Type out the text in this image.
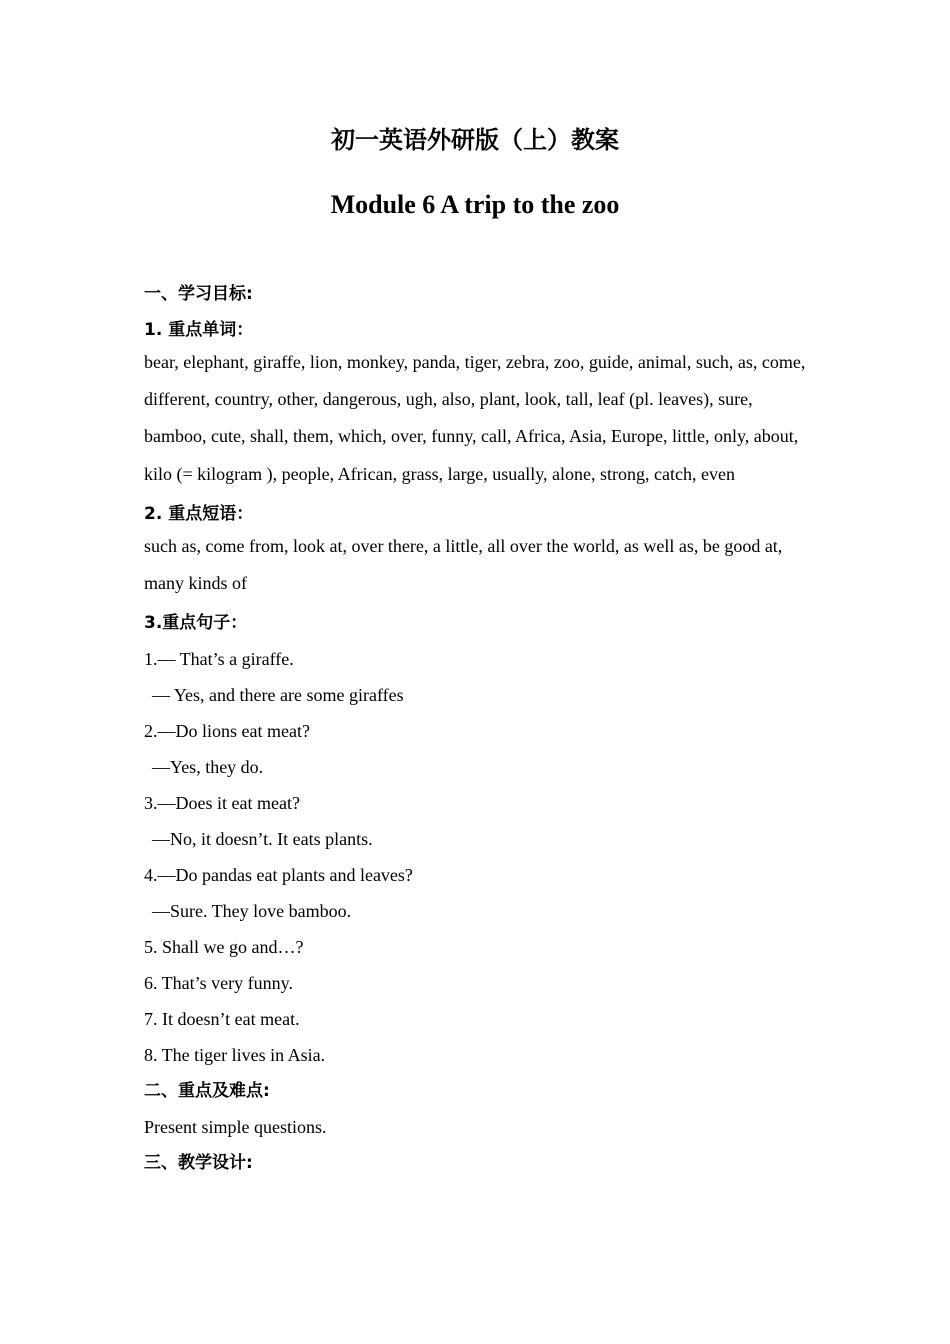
初一英语外研版（上）教案
Module 6 A trip to the zoo
一、学习目标:
1. 重点单词：
bear, elephant, giraffe, lion, monkey, panda, tiger, zebra, zoo, guide, animal, such, as, come, different, country, other, dangerous, ugh, also, plant, look, tall, leaf (pl. leaves), sure, bamboo, cute, shall, them, which, over, funny, call, Africa, Asia, Europe, little, only, about, kilo (= kilogram ), people, African, grass, large, usually, alone, strong, catch, even
2. 重点短语：
such as, come from, look at, over there, a little, all over the world, as well as, be good at, many kinds of
3.重点句子：
1.— That’s a giraffe.
— Yes, and there are some giraffes
2.—Do lions eat meat?
—Yes, they do.
3.—Does it eat meat?
—No, it doesn’t. It eats plants.
4.—Do pandas eat plants and leaves?
—Sure. They love bamboo.
5. Shall we go and…?
6. That’s very funny.
7. It doesn’t eat meat.
8. The tiger lives in Asia.
二、重点及难点:
Present simple questions.
三、教学设计:
